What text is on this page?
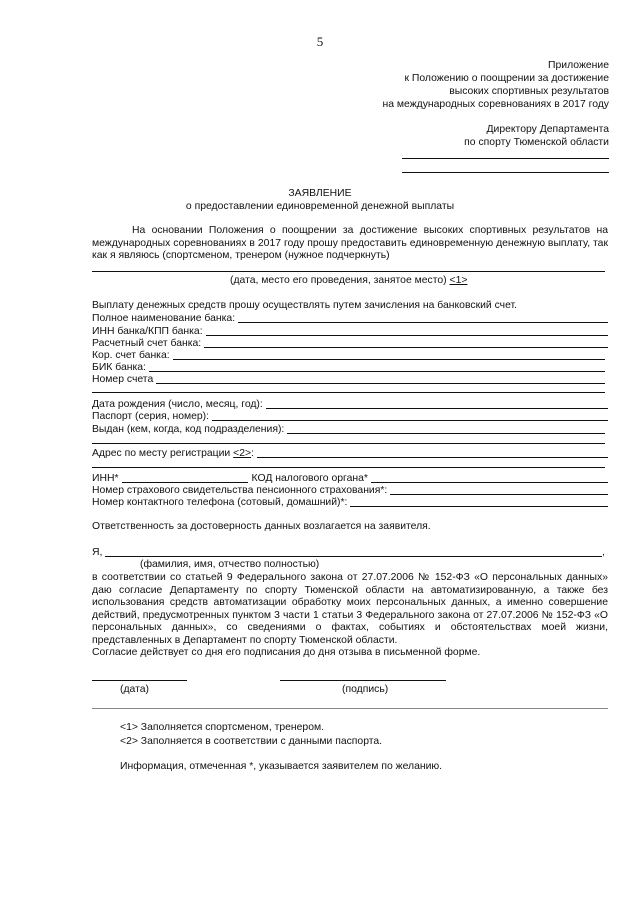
5
Приложение
к Положению о поощрении за достижение
высоких спортивных результатов
на международных соревнованиях в 2017 году
Директору Департамента
по спорту Тюменской области
ЗАЯВЛЕНИЕ
о предоставлении единовременной денежной выплаты
На основании Положения о поощрении за достижение высоких спортивных результатов на международных соревнованиях в 2017 году прошу предоставить единовременную денежную выплату, так как я являюсь (спортсменом, тренером (нужное подчеркнуть)
(дата, место его проведения, занятое место) <1>
Выплату денежных средств прошу осуществлять путем зачисления на банковский счет.
Полное наименование банка:
ИНН банка/КПП банка:
Расчетный счет банка:
Кор. счет банка:
БИК банка:
Номер счета
Дата рождения (число, месяц, год):
Паспорт (серия, номер):
Выдан (кем, когда, код подразделения):
Адрес по месту регистрации <2>:
ИНН*	КОД налогового органа*
Номер страхового свидетельства пенсионного страхования*:
Номер контактного телефона (сотовый, домашний)*:
Ответственность за достоверность данных возлагается на заявителя.
Я,	,
(фамилия, имя, отчество полностью)
в соответствии со статьей 9 Федерального закона от 27.07.2006 № 152-ФЗ «О персональных данных» даю согласие Департаменту по спорту Тюменской области на автоматизированную, а также без использования средств автоматизации обработку моих персональных данных, а именно совершение действий, предусмотренных пунктом 3 части 1 статьи 3 Федерального закона от 27.07.2006 № 152-ФЗ «О персональных данных», со сведениями о фактах, событиях и обстоятельствах моей жизни, представленных в Департамент по спорту Тюменской области.
Согласие действует со дня его подписания до дня отзыва в письменной форме.
(дата)	(подпись)
<1> Заполняется спортсменом, тренером.
<2> Заполняется в соответствии с данными паспорта.
Информация, отмеченная *, указывается заявителем по желанию.
